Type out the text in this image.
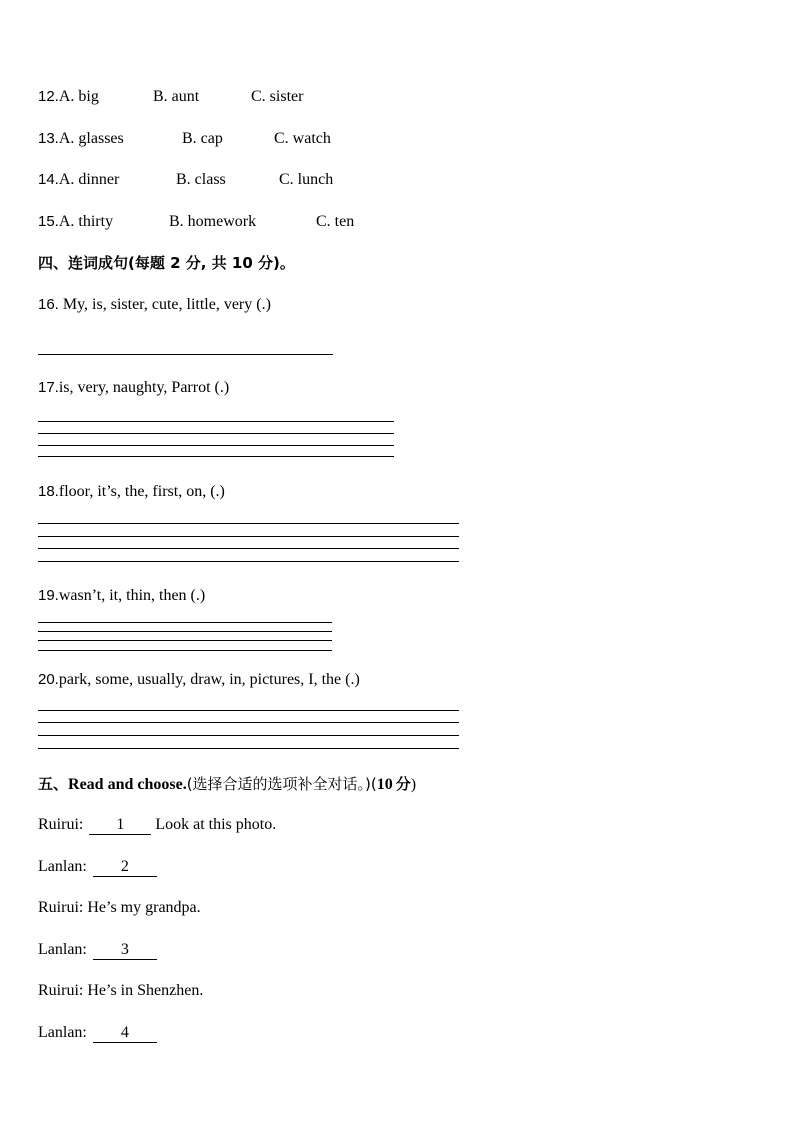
12.A. big	B. aunt	C. sister
13.A. glasses	B. cap	C. watch
14.A. dinner	B. class	C. lunch
15.A. thirty	B. homework	C. ten
四、连词成句(每题 2 分, 共 10 分)。
16. My, is, sister, cute, little, very (.)
17.is, very, naughty, Parrot (.)
18.floor, it’s, the, first, on, (.)
19.wasn’t, it, thin, then (.)
20.park, some, usually, draw, in, pictures, I, the (.)
五、Read and choose.(选择合适的选项补全对话。)(10 分)
Ruirui: 1 Look at this photo.
Lanlan: 2
Ruirui: He’s my grandpa.
Lanlan: 3
Ruirui: He’s in Shenzhen.
Lanlan: 4
